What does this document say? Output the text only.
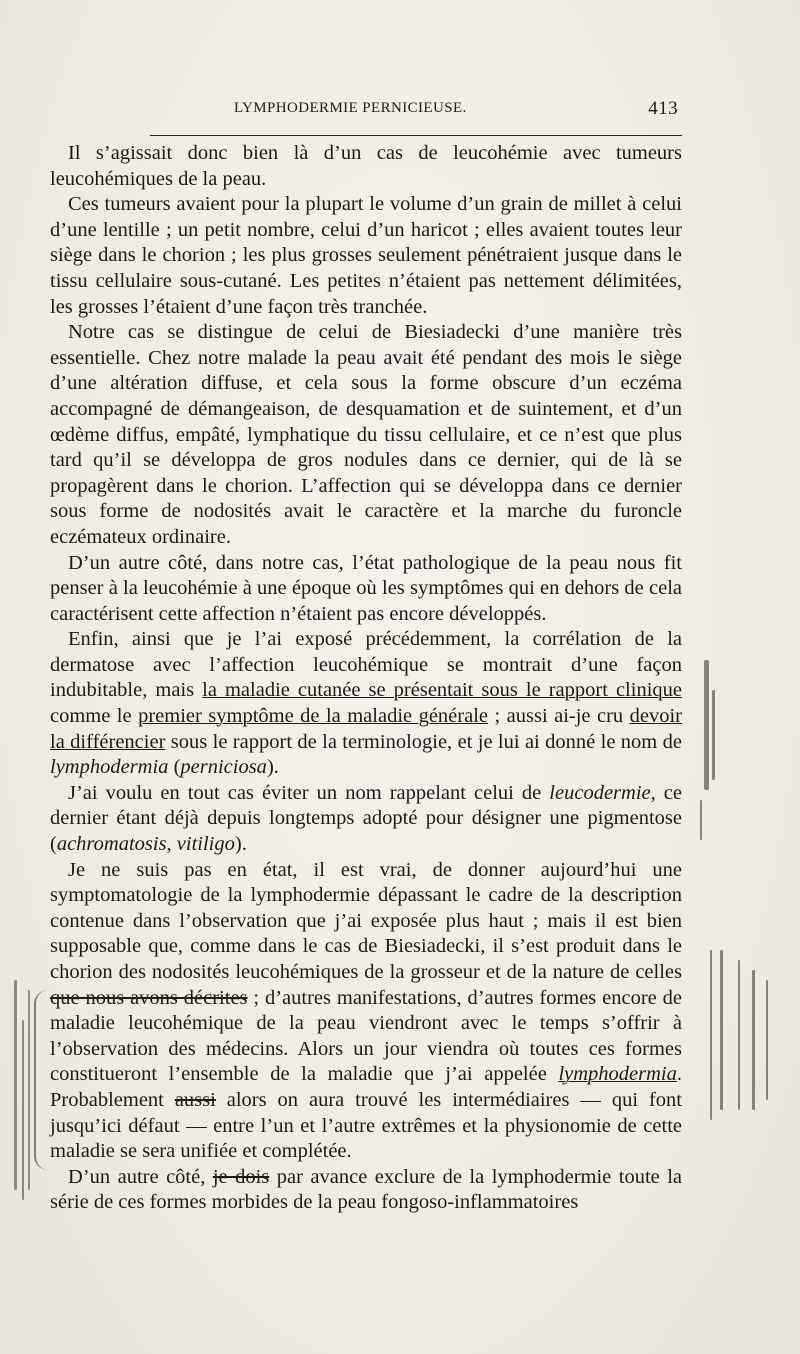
LYMPHODERMIE PERNICIEUSE.	413

Il s’agissait donc bien là d’un cas de leucohémie avec tumeurs leucohémiques de la peau.

Ces tumeurs avaient pour la plupart le volume d’un grain de millet à celui d’une lentille ; un petit nombre, celui d’un haricot ; elles avaient toutes leur siège dans le chorion ; les plus grosses seulement pénétraient jusque dans le tissu cellulaire sous-cutané. Les petites n’étaient pas nettement délimitées, les grosses l’étaient d’une façon très tranchée.

Notre cas se distingue de celui de Biesiadecki d’une manière très essentielle. Chez notre malade la peau avait été pendant des mois le siège d’une altération diffuse, et cela sous la forme obscure d’un eczéma accompagné de démangeaison, de desquamation et de suintement, et d’un œdème diffus, empâté, lymphatique du tissu cellulaire, et ce n’est que plus tard qu’il se développa de gros nodules dans ce dernier, qui de là se propagèrent dans le chorion. L’affection qui se développa dans ce dernier sous forme de nodosités avait le caractère et la marche du furoncle eczémateux ordinaire.

D’un autre côté, dans notre cas, l’état pathologique de la peau nous fit penser à la leucohémie à une époque où les symptômes qui en dehors de cela caractérisent cette affection n’étaient pas encore développés.

Enfin, ainsi que je l’ai exposé précédemment, la corrélation de la dermatose avec l’affection leucohémique se montrait d’une façon indubitable, mais la maladie cutanée se présentait sous le rapport clinique comme le premier symptôme de la maladie générale ; aussi ai-je cru devoir la différencier sous le rapport de la terminologie, et je lui ai donné le nom de lymphodermia (perniciosa).

J’ai voulu en tout cas éviter un nom rappelant celui de leucodermie, ce dernier étant déjà depuis longtemps adopté pour désigner une pigmentose (achromatosis, vitiligo).

Je ne suis pas en état, il est vrai, de donner aujourd’hui une symptomatologie de la lymphodermie dépassant le cadre de la description contenue dans l’observation que j’ai exposée plus haut ; mais il est bien supposable que, comme dans le cas de Biesiadecki, il s’est produit dans le chorion des nodosités leucohémiques de la grosseur et de la nature de celles que nous avons décrites ; d’autres manifestations, d’autres formes encore de maladie leucohémique de la peau viendront avec le temps s’offrir à l’observation des médecins. Alors un jour viendra où toutes ces formes constitueront l’ensemble de la maladie que j’ai appelée lymphodermia. Probablement aussi alors on aura trouvé les intermédiaires — qui font jusqu’ici défaut — entre l’un et l’autre extrêmes et la physionomie de cette maladie se sera unifiée et complétée.

D’un autre côté, je dois par avance exclure de la lymphodermie toute la série de ces formes morbides de la peau fongoso-inflammatoires
